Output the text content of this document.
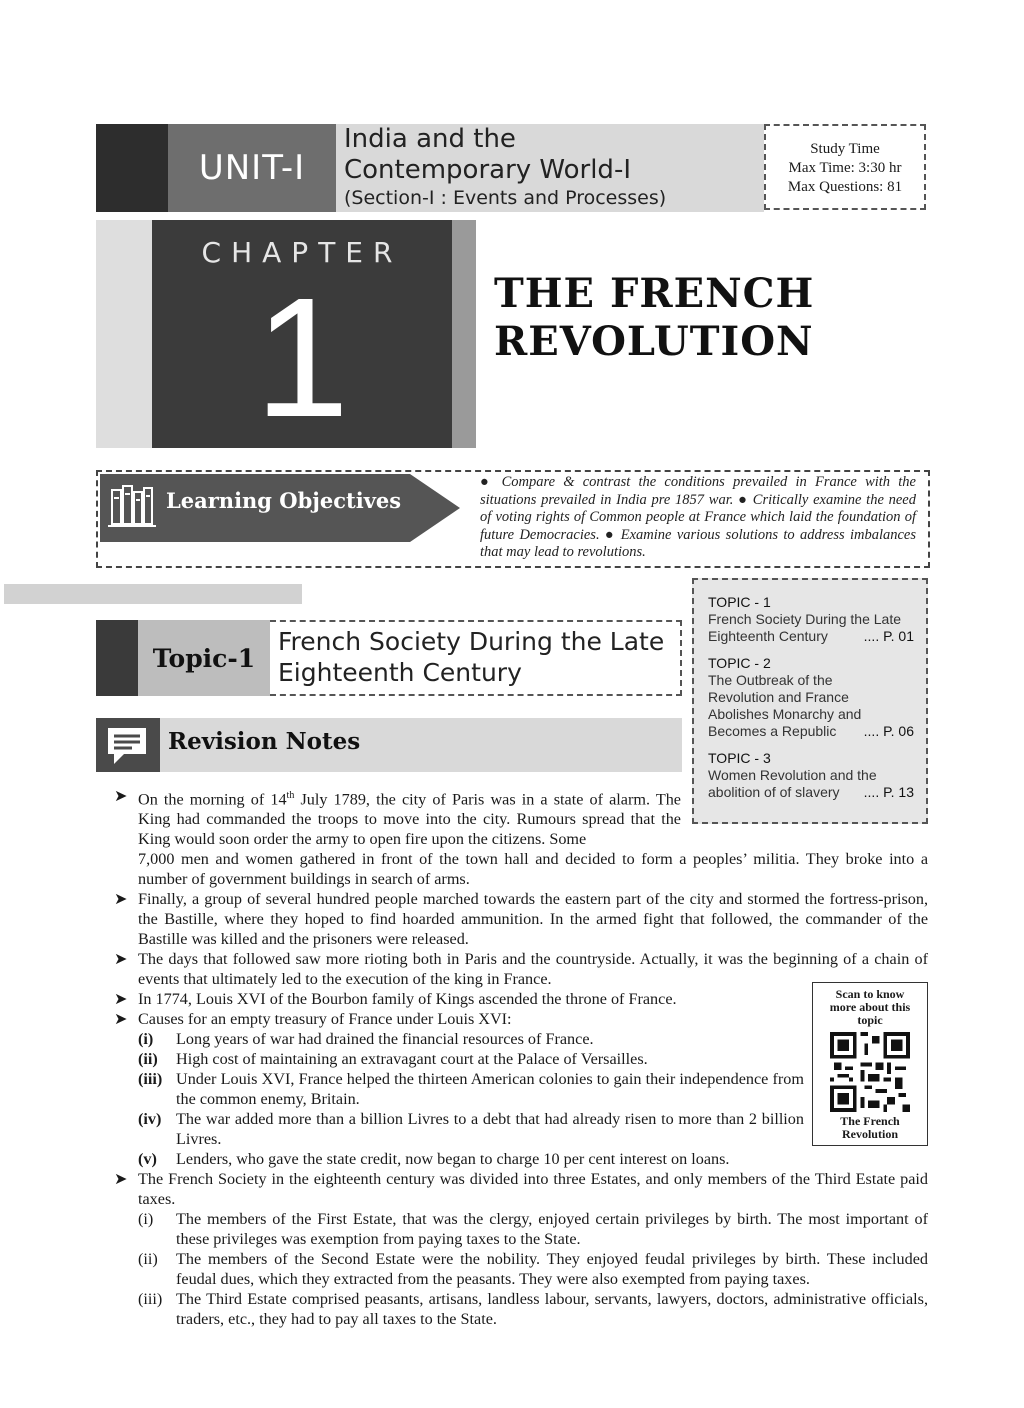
UNIT-I
India and the
Contemporary World-I
(Section-I : Events and Processes)
Study Time
Max Time: 3:30 hr
Max Questions: 81
CHAPTER
1	THE FRENCH
REVOLUTION
Learning Objectives
● Compare & contrast the conditions prevailed in France with the situations prevailed in India pre 1857 war. ● Critically examine the need of voting rights of Common people at France which laid the foundation of future Democracies. ● Examine various solutions to address imbalances that may lead to revolutions.
TOPIC - 1
French Society During the Late
Eighteenth Century	.... P. 01
TOPIC - 2
The Outbreak of the
Revolution and France
Abolishes Monarchy and
Becomes a Republic .... P. 06
TOPIC - 3
Women Revolution and the
abolition of of slavery .... P. 13
Topic-1
French Society During the Late
Eighteenth Century
Revision Notes
Scan to know more about this topic
The French Revolution

➤ On the morning of 14th July 1789, the city of Paris was in a state of alarm. The King had commanded the troops to move into the city. Rumours spread that the King would soon order the army to open fire upon the citizens. Some

7,000 men and women gathered in front of the town hall and decided to form a peoples’ militia. They broke into a number of government buildings in search of arms.

➤ Finally, a group of several hundred people marched towards the eastern part of the city and stormed the fortress-prison, the Bastille, where they hoped to find hoarded ammunition. In the armed fight that followed, the commander of the Bastille was killed and the prisoners were released.

➤ The days that followed saw more rioting both in Paris and the countryside. Actually, it was the beginning of a chain of events that ultimately led to the execution of the king in France.

➤ In 1774, Louis XVI of the Bourbon family of Kings ascended the throne of France.

➤ Causes for an empty treasury of France under Louis XVI:

(i) Long years of war had drained the financial resources of France.

(ii) High cost of maintaining an extravagant court at the Palace of Versailles.

(iii) Under Louis XVI, France helped the thirteen American colonies to gain their independence from the common enemy, Britain.

(iv) The war added more than a billion Livres to a debt that had already risen to more than 2 billion Livres.

(v) Lenders, who gave the state credit, now began to charge 10 per cent interest on loans.

➤ The French Society in the eighteenth century was divided into three Estates, and only members of the Third Estate paid taxes.

(i) The members of the First Estate, that was the clergy, enjoyed certain privileges by birth. The most important of these privileges was exemption from paying taxes to the State.

(ii) The members of the Second Estate were the nobility. They enjoyed feudal privileges by birth. These included feudal dues, which they extracted from the peasants. They were also exempted from paying taxes.

(iii) The Third Estate comprised peasants, artisans, landless labour, servants, lawyers, doctors, administrative officials, traders, etc., they had to pay all taxes to the State.
